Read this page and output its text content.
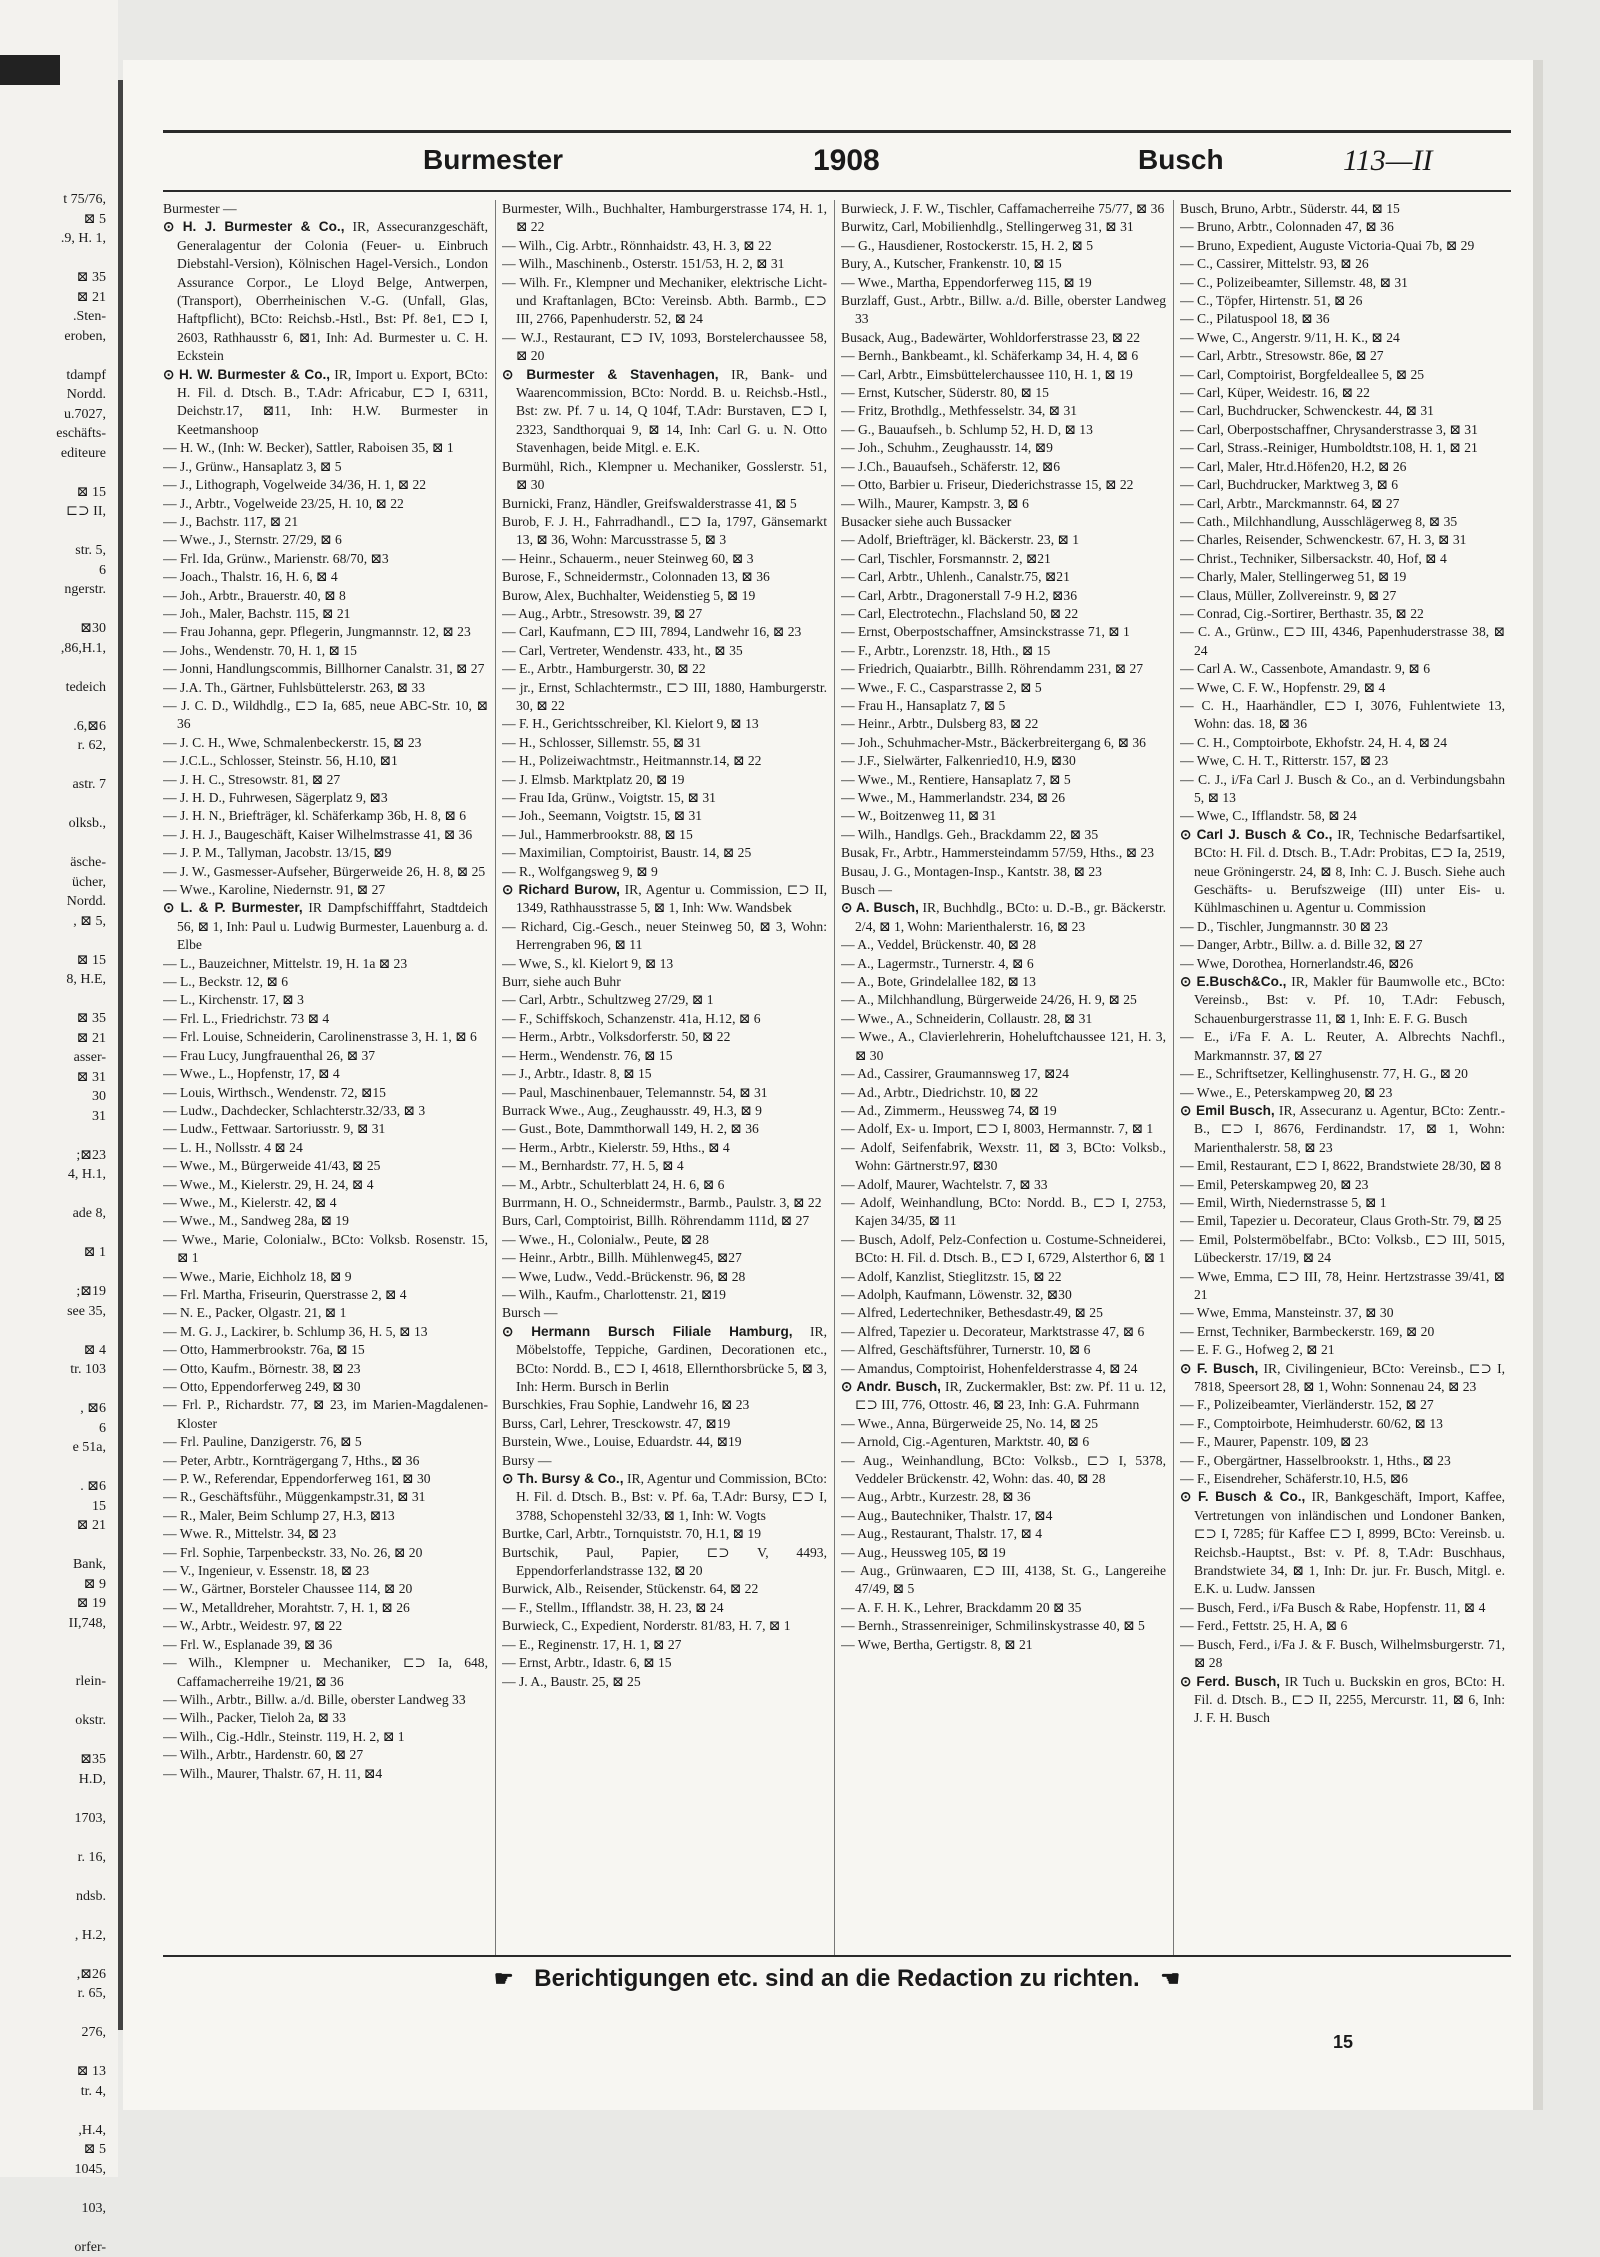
t 75/76,
⊠ 5
.9, H. 1,

⊠ 35
⊠ 21
.Sten-
eroben,

tdampf
Nordd.
u.7027,
eschäfts-
editeure

⊠ 15
⊏⊃ II,

str. 5,
6
ngerstr.

⊠30
,86,H.1,

tedeich

.6,⊠6
r. 62,

astr. 7

olksb.,

äsche-
ücher,
Nordd.
, ⊠ 5,

⊠ 15
8, H.E,

⊠ 35
⊠ 21
asser-
⊠ 31
30
31

;⊠23
4, H.1,

ade 8,

⊠ 1

;⊠19
see 35,

⊠ 4
tr. 103

, ⊠6
6
e 51a,

. ⊠6
15
⊠ 21

Bank,
⊠ 9
⊠ 19
II,748,

rlein-

okstr.

⊠35
H.D,

1703,

r. 16,

ndsb.

, H.2,

,⊠26
r. 65,

276,

⊠ 13
tr. 4,

,H.4,
⊠ 5
1045,

103,

orfer-
Burmester	1908	Busch	113—II

Burmester —

⊙ H. J. Burmester & Co., IR, Assecuranzgeschäft, Generalagentur der Colonia (Feuer- u. Einbruch Diebstahl-Version), Kölnischen Hagel-Versich., London Assurance Corpor., Le Lloyd Belge, Antwerpen, (Transport), Oberrheinischen V.-G. (Unfall, Glas, Haftpflicht), BCto: Reichsb.-Hstl., Bst: Pf. 8e1, ⊏⊃ I, 2603, Rathhausstr 6, ⊠1, Inh: Ad. Burmester u. C. H. Eckstein

⊙ H. W. Burmester & Co., IR, Import u. Export, BCto: H. Fil. d. Dtsch. B., T.Adr: Africabur, ⊏⊃ I, 6311, Deichstr.17, ⊠11, Inh: H.W. Burmester in Keetmanshoop

— H. W., (Inh: W. Becker), Sattler, Raboisen 35, ⊠ 1

— J., Grünw., Hansaplatz 3, ⊠ 5

— J., Lithograph, Vogelweide 34/36, H. 1, ⊠ 22

— J., Arbtr., Vogelweide 23/25, H. 10, ⊠ 22

— J., Bachstr. 117, ⊠ 21

— Wwe., J., Sternstr. 27/29, ⊠ 6

— Frl. Ida, Grünw., Marienstr. 68/70, ⊠3

— Joach., Thalstr. 16, H. 6, ⊠ 4

— Joh., Arbtr., Brauerstr. 40, ⊠ 8

— Joh., Maler, Bachstr. 115, ⊠ 21

— Frau Johanna, gepr. Pflegerin, Jungmannstr. 12, ⊠ 23

— Johs., Wendenstr. 70, H. 1, ⊠ 15

— Jonni, Handlungscommis, Billhorner Canalstr. 31, ⊠ 27

— J.A. Th., Gärtner, Fuhlsbüttelerstr. 263, ⊠ 33

— J. C. D., Wildhdlg., ⊏⊃ Ia, 685, neue ABC-Str. 10, ⊠ 36

— J. C. H., Wwe, Schmalenbeckerstr. 15, ⊠ 23

— J.C.L., Schlosser, Steinstr. 56, H.10, ⊠1

— J. H. C., Stresowstr. 81, ⊠ 27

— J. H. D., Fuhrwesen, Sägerplatz 9, ⊠3

— J. H. N., Briefträger, kl. Schäferkamp 36b, H. 8, ⊠ 6

— J. H. J., Baugeschäft, Kaiser Wilhelmstrasse 41, ⊠ 36

— J. P. M., Tallyman, Jacobstr. 13/15, ⊠9

— J. W., Gasmesser-Aufseher, Bürgerweide 26, H. 8, ⊠ 25

— Wwe., Karoline, Niedernstr. 91, ⊠ 27

⊙ L. & P. Burmester, IR Dampfschifffahrt, Stadtdeich 56, ⊠ 1, Inh: Paul u. Ludwig Burmester, Lauenburg a. d. Elbe

— L., Bauzeichner, Mittelstr. 19, H. 1a ⊠ 23

— L., Beckstr. 12, ⊠ 6

— L., Kirchenstr. 17, ⊠ 3

— Frl. L., Friedrichstr. 73 ⊠ 4

— Frl. Louise, Schneiderin, Carolinenstrasse 3, H. 1, ⊠ 6

— Frau Lucy, Jungfrauenthal 26, ⊠ 37

— Wwe., L., Hopfenstr, 17, ⊠ 4

— Louis, Wirthsch., Wendenstr. 72, ⊠15

— Ludw., Dachdecker, Schlachterstr.32/33, ⊠ 3

— Ludw., Fettwaar. Sartoriusstr. 9, ⊠ 31

— L. H., Nollsstr. 4 ⊠ 24

— Wwe., M., Bürgerweide 41/43, ⊠ 25

— Wwe., M., Kielerstr. 29, H. 24, ⊠ 4

— Wwe., M., Kielerstr. 42, ⊠ 4

— Wwe., M., Sandweg 28a, ⊠ 19

— Wwe., Marie, Colonialw., BCto: Volksb. Rosenstr. 15, ⊠ 1

— Wwe., Marie, Eichholz 18, ⊠ 9

— Frl. Martha, Friseurin, Querstrasse 2, ⊠ 4

— N. E., Packer, Olgastr. 21, ⊠ 1

— M. G. J., Lackirer, b. Schlump 36, H. 5, ⊠ 13

— Otto, Hammerbrookstr. 76a, ⊠ 15

— Otto, Kaufm., Börnestr. 38, ⊠ 23

— Otto, Eppendorferweg 249, ⊠ 30

— Frl. P., Richardstr. 77, ⊠ 23, im Marien-Magdalenen-Kloster

— Frl. Pauline, Danzigerstr. 76, ⊠ 5

— Peter, Arbtr., Kornträgergang 7, Hths., ⊠ 36

— P. W., Referendar, Eppendorferweg 161, ⊠ 30

— R., Geschäftsführ., Müggenkampstr.31, ⊠ 31

— R., Maler, Beim Schlump 27, H.3, ⊠13

— Wwe. R., Mittelstr. 34, ⊠ 23

— Frl. Sophie, Tarpenbeckstr. 33, No. 26, ⊠ 20

— V., Ingenieur, v. Essenstr. 18, ⊠ 23

— W., Gärtner, Borsteler Chaussee 114, ⊠ 20

— W., Metalldreher, Morahtstr. 7, H. 1, ⊠ 26

— W., Arbtr., Weidestr. 97, ⊠ 22

— Frl. W., Esplanade 39, ⊠ 36

— Wilh., Klempner u. Mechaniker, ⊏⊃ Ia, 648, Caffamacherreihe 19/21, ⊠ 36

— Wilh., Arbtr., Billw. a./d. Bille, oberster Landweg 33

— Wilh., Packer, Tieloh 2a, ⊠ 33

— Wilh., Cig.-Hdlr., Steinstr. 119, H. 2, ⊠ 1

— Wilh., Arbtr., Hardenstr. 60, ⊠ 27

— Wilh., Maurer, Thalstr. 67, H. 11, ⊠4

Burmester, Wilh., Buchhalter, Hamburgerstrasse 174, H. 1, ⊠ 22

— Wilh., Cig. Arbtr., Rönnhaidstr. 43, H. 3, ⊠ 22

— Wilh., Maschinenb., Osterstr. 151/53, H. 2, ⊠ 31

— Wilh. Fr., Klempner und Mechaniker, elektrische Licht- und Kraftanlagen, BCto: Vereinsb. Abth. Barmb., ⊏⊃ III, 2766, Papenhuderstr. 52, ⊠ 24

— W.J., Restaurant, ⊏⊃ IV, 1093, Borstelerchaussee 58, ⊠ 20

⊙ Burmester & Stavenhagen, IR, Bank- und Waarencommission, BCto: Nordd. B. u. Reichsb.-Hstl., Bst: zw. Pf. 7 u. 14, Q 104f, T.Adr: Burstaven, ⊏⊃ I, 2323, Sandthorquai 9, ⊠ 14, Inh: Carl G. u. N. Otto Stavenhagen, beide Mitgl. e. E.K.

Burmühl, Rich., Klempner u. Mechaniker, Gosslerstr. 51, ⊠ 30

Burnicki, Franz, Händler, Greifswalderstrasse 41, ⊠ 5

Burob, F. J. H., Fahrradhandl., ⊏⊃ Ia, 1797, Gänsemarkt 13, ⊠ 36, Wohn: Marcusstrasse 5, ⊠ 3

— Heinr., Schauerm., neuer Steinweg 60, ⊠ 3

Burose, F., Schneidermstr., Colonnaden 13, ⊠ 36

Burow, Alex, Buchhalter, Weidenstieg 5, ⊠ 19

— Aug., Arbtr., Stresowstr. 39, ⊠ 27

— Carl, Kaufmann, ⊏⊃ III, 7894, Landwehr 16, ⊠ 23

— Carl, Vertreter, Wendenstr. 433, ht., ⊠ 35

— E., Arbtr., Hamburgerstr. 30, ⊠ 22

— jr., Ernst, Schlachtermstr., ⊏⊃ III, 1880, Hamburgerstr. 30, ⊠ 22

— F. H., Gerichtsschreiber, Kl. Kielort 9, ⊠ 13

— H., Schlosser, Sillemstr. 55, ⊠ 31

— H., Polizeiwachtmstr., Heitmannstr.14, ⊠ 22

— J. Elmsb. Marktplatz 20, ⊠ 19

— Frau Ida, Grünw., Voigtstr. 15, ⊠ 31

— Joh., Seemann, Voigtstr. 15, ⊠ 31

— Jul., Hammerbrookstr. 88, ⊠ 15

— Maximilian, Comptoirist, Baustr. 14, ⊠ 25

— R., Wolfgangsweg 9, ⊠ 9

⊙ Richard Burow, IR, Agentur u. Commission, ⊏⊃ II, 1349, Rathhausstrasse 5, ⊠ 1, Inh: Ww. Wandsbek

— Richard, Cig.-Gesch., neuer Steinweg 50, ⊠ 3, Wohn: Herrengraben 96, ⊠ 11

— Wwe, S., kl. Kielort 9, ⊠ 13

Burr, siehe auch Buhr

— Carl, Arbtr., Schultzweg 27/29, ⊠ 1

— F., Schiffskoch, Schanzenstr. 41a, H.12, ⊠ 6

— Herm., Arbtr., Volksdorferstr. 50, ⊠ 22

— Herm., Wendenstr. 76, ⊠ 15

— J., Arbtr., Idastr. 8, ⊠ 15

— Paul, Maschinenbauer, Telemannstr. 54, ⊠ 31

Burrack Wwe., Aug., Zeughausstr. 49, H.3, ⊠ 9

— Gust., Bote, Dammthorwall 149, H. 2, ⊠ 36

— Herm., Arbtr., Kielerstr. 59, Hths., ⊠ 4

— M., Bernhardstr. 77, H. 5, ⊠ 4

— M., Arbtr., Schulterblatt 24, H. 6, ⊠ 6

Burrmann, H. O., Schneidermstr., Barmb., Paulstr. 3, ⊠ 22

Burs, Carl, Comptoirist, Billh. Röhrendamm 111d, ⊠ 27

— Wwe., H., Colonialw., Peute, ⊠ 28

— Heinr., Arbtr., Billh. Mühlenweg45, ⊠27

— Wwe, Ludw., Vedd.-Brückenstr. 96, ⊠ 28

— Wilh., Kaufm., Charlottenstr. 21, ⊠19

Bursch —

⊙ Hermann Bursch Filiale Hamburg, IR, Möbelstoffe, Teppiche, Gardinen, Decorationen etc., BCto: Nordd. B., ⊏⊃ I, 4618, Ellernthorsbrücke 5, ⊠ 3, Inh: Herm. Bursch in Berlin

Burschkies, Frau Sophie, Landwehr 16, ⊠ 23

Burss, Carl, Lehrer, Tresckowstr. 47, ⊠19

Burstein, Wwe., Louise, Eduardstr. 44, ⊠19

Bursy —

⊙ Th. Bursy & Co., IR, Agentur und Commission, BCto: H. Fil. d. Dtsch. B., Bst: v. Pf. 6a, T.Adr: Bursy, ⊏⊃ I, 3788, Schopenstehl 32/33, ⊠ 1, Inh: W. Vogts

Burtke, Carl, Arbtr., Tornquiststr. 70, H.1, ⊠ 19

Burtschik, Paul, Papier, ⊏⊃ V, 4493, Eppendorferlandstrasse 132, ⊠ 20

Burwick, Alb., Reisender, Stückenstr. 64, ⊠ 22

— F., Stellm., Ifflandstr. 38, H. 23, ⊠ 24

Burwieck, C., Expedient, Norderstr. 81/83, H. 7, ⊠ 1

— E., Reginenstr. 17, H. 1, ⊠ 27

— Ernst, Arbtr., Idastr. 6, ⊠ 15

— J. A., Baustr. 25, ⊠ 25

Burwieck, J. F. W., Tischler, Caffamacherreihe 75/77, ⊠ 36

Burwitz, Carl, Mobilienhdlg., Stellingerweg 31, ⊠ 31

— G., Hausdiener, Rostockerstr. 15, H. 2, ⊠ 5

Bury, A., Kutscher, Frankenstr. 10, ⊠ 15

— Wwe., Martha, Eppendorferweg 115, ⊠ 19

Burzlaff, Gust., Arbtr., Billw. a./d. Bille, oberster Landweg 33

Busack, Aug., Badewärter, Wohldorferstrasse 23, ⊠ 22

— Bernh., Bankbeamt., kl. Schäferkamp 34, H. 4, ⊠ 6

— Carl, Arbtr., Eimsbüttelerchaussee 110, H. 1, ⊠ 19

— Ernst, Kutscher, Süderstr. 80, ⊠ 15

— Fritz, Brothdlg., Methfesselstr. 34, ⊠ 31

— G., Bauaufseh., b. Schlump 52, H. D, ⊠ 13

— Joh., Schuhm., Zeughausstr. 14, ⊠9

— J.Ch., Bauaufseh., Schäferstr. 12, ⊠6

— Otto, Barbier u. Friseur, Diederichstrasse 15, ⊠ 22

— Wilh., Maurer, Kampstr. 3, ⊠ 6

Busacker siehe auch Bussacker

— Adolf, Briefträger, kl. Bäckerstr. 23, ⊠ 1

— Carl, Tischler, Forsmannstr. 2, ⊠21

— Carl, Arbtr., Uhlenh., Canalstr.75, ⊠21

— Carl, Arbtr., Dragonerstall 7-9 H.2, ⊠36

— Carl, Electrotechn., Flachsland 50, ⊠ 22

— Ernst, Oberpostschaffner, Amsinckstrasse 71, ⊠ 1

— F., Arbtr., Lorenzstr. 18, Hth., ⊠ 15

— Friedrich, Quaiarbtr., Billh. Röhrendamm 231, ⊠ 27

— Wwe., F. C., Casparstrasse 2, ⊠ 5

— Frau H., Hansaplatz 7, ⊠ 5

— Heinr., Arbtr., Dulsberg 83, ⊠ 22

— Joh., Schuhmacher-Mstr., Bäckerbreitergang 6, ⊠ 36

— J.F., Sielwärter, Falkenried10, H.9, ⊠30

— Wwe., M., Rentiere, Hansaplatz 7, ⊠ 5

— Wwe., M., Hammerlandstr. 234, ⊠ 26

— W., Boitzenweg 11, ⊠ 31

— Wilh., Handlgs. Geh., Brackdamm 22, ⊠ 35

Busak, Fr., Arbtr., Hammersteindamm 57/59, Hths., ⊠ 23

Busau, J. G., Montagen-Insp., Kantstr. 38, ⊠ 23

Busch —

⊙ A. Busch, IR, Buchhdlg., BCto: u. D.-B., gr. Bäckerstr. 2/4, ⊠ 1, Wohn: Marienthalerstr. 16, ⊠ 23

— A., Veddel, Brückenstr. 40, ⊠ 28

— A., Lagermstr., Turnerstr. 4, ⊠ 6

— A., Bote, Grindelallee 182, ⊠ 13

— A., Milchhandlung, Bürgerweide 24/26, H. 9, ⊠ 25

— Wwe., A., Schneiderin, Collaustr. 28, ⊠ 31

— Wwe., A., Clavierlehrerin, Hoheluftchaussee 121, H. 3, ⊠ 30

— Ad., Cassirer, Graumannsweg 17, ⊠24

— Ad., Arbtr., Diedrichstr. 10, ⊠ 22

— Ad., Zimmerm., Heussweg 74, ⊠ 19

— Adolf, Ex- u. Import, ⊏⊃ I, 8003, Hermannstr. 7, ⊠ 1

— Adolf, Seifenfabrik, Wexstr. 11, ⊠ 3, BCto: Volksb., Wohn: Gärtnerstr.97, ⊠30

— Adolf, Maurer, Wachtelstr. 7, ⊠ 33

— Adolf, Weinhandlung, BCto: Nordd. B., ⊏⊃ I, 2753, Kajen 34/35, ⊠ 11

— Busch, Adolf, Pelz-Confection u. Costume-Schneiderei, BCto: H. Fil. d. Dtsch. B., ⊏⊃ I, 6729, Alsterthor 6, ⊠ 1

— Adolf, Kanzlist, Stieglitzstr. 15, ⊠ 22

— Adolph, Kaufmann, Löwenstr. 32, ⊠30

— Alfred, Ledertechniker, Bethesdastr.49, ⊠ 25

— Alfred, Tapezier u. Decorateur, Marktstrasse 47, ⊠ 6

— Alfred, Geschäftsführer, Turnerstr. 10, ⊠ 6

— Amandus, Comptoirist, Hohenfelderstrasse 4, ⊠ 24

⊙ Andr. Busch, IR, Zuckermakler, Bst: zw. Pf. 11 u. 12, ⊏⊃ III, 776, Ottostr. 46, ⊠ 23, Inh: G.A. Fuhrmann

— Wwe., Anna, Bürgerweide 25, No. 14, ⊠ 25

— Arnold, Cig.-Agenturen, Marktstr. 40, ⊠ 6

— Aug., Weinhandlung, BCto: Volksb., ⊏⊃ I, 5378, Veddeler Brückenstr. 42, Wohn: das. 40, ⊠ 28

— Aug., Arbtr., Kurzestr. 28, ⊠ 36

— Aug., Bautechniker, Thalstr. 17, ⊠4

— Aug., Restaurant, Thalstr. 17, ⊠ 4

— Aug., Heussweg 105, ⊠ 19

— Aug., Grünwaaren, ⊏⊃ III, 4138, St. G., Langereihe 47/49, ⊠ 5

— A. F. H. K., Lehrer, Brackdamm 20 ⊠ 35

— Bernh., Strassenreiniger, Schmilinskystrasse 40, ⊠ 5

— Wwe, Bertha, Gertigstr. 8, ⊠ 21

Busch, Bruno, Arbtr., Süderstr. 44, ⊠ 15

— Bruno, Arbtr., Colonnaden 47, ⊠ 36

— Bruno, Expedient, Auguste Victoria-Quai 7b, ⊠ 29

— C., Cassirer, Mittelstr. 93, ⊠ 26

— C., Polizeibeamter, Sillemstr. 48, ⊠ 31

— C., Töpfer, Hirtenstr. 51, ⊠ 26

— C., Pilatuspool 18, ⊠ 36

— Wwe, C., Angerstr. 9/11, H. K., ⊠ 24

— Carl, Arbtr., Stresowstr. 86e, ⊠ 27

— Carl, Comptoirist, Borgfeldeallee 5, ⊠ 25

— Carl, Küper, Weidestr. 16, ⊠ 22

— Carl, Buchdrucker, Schwenckestr. 44, ⊠ 31

— Carl, Oberpostschaffner, Chrysanderstrasse 3, ⊠ 31

— Carl, Strass.-Reiniger, Humboldtstr.108, H. 1, ⊠ 21

— Carl, Maler, Htr.d.Höfen20, H.2, ⊠ 26

— Carl, Buchdrucker, Marktweg 3, ⊠ 6

— Carl, Arbtr., Marckmannstr. 64, ⊠ 27

— Cath., Milchhandlung, Ausschlägerweg 8, ⊠ 35

— Charles, Reisender, Schwenckestr. 67, H. 3, ⊠ 31

— Christ., Techniker, Silbersackstr. 40, Hof, ⊠ 4

— Charly, Maler, Stellingerweg 51, ⊠ 19

— Claus, Müller, Zollvereinstr. 9, ⊠ 27

— Conrad, Cig.-Sortirer, Berthastr. 35, ⊠ 22

— C. A., Grünw., ⊏⊃ III, 4346, Papenhuderstrasse 38, ⊠ 24

— Carl A. W., Cassenbote, Amandastr. 9, ⊠ 6

— Wwe, C. F. W., Hopfenstr. 29, ⊠ 4

— C. H., Haarhändler, ⊏⊃ I, 3076, Fuhlentwiete 13, Wohn: das. 18, ⊠ 36

— C. H., Comptoirbote, Ekhofstr. 24, H. 4, ⊠ 24

— Wwe, C. H. T., Ritterstr. 157, ⊠ 23

— C. J., i/Fa Carl J. Busch & Co., an d. Verbindungsbahn 5, ⊠ 13

— Wwe, C., Ifflandstr. 58, ⊠ 24

⊙ Carl J. Busch & Co., IR, Technische Bedarfsartikel, BCto: H. Fil. d. Dtsch. B., T.Adr: Probitas, ⊏⊃ Ia, 2519, neue Gröningerstr. 24, ⊠ 8, Inh: C. J. Busch. Siehe auch Geschäfts- u. Berufszweige (III) unter Eis- u. Kühlmaschinen u. Agentur u. Commission

— D., Tischler, Jungmannstr. 30 ⊠ 23

— Danger, Arbtr., Billw. a. d. Bille 32, ⊠ 27

— Wwe, Dorothea, Hornerlandstr.46, ⊠26

⊙ E.Busch&Co., IR, Makler für Baumwolle etc., BCto: Vereinsb., Bst: v. Pf. 10, T.Adr: Febusch, Schauenburgerstrasse 11, ⊠ 1, Inh: E. F. G. Busch

— E., i/Fa F. A. L. Reuter, A. Albrechts Nachfl., Markmannstr. 37, ⊠ 27

— E., Schriftsetzer, Kellinghusenstr. 77, H. G., ⊠ 20

— Wwe., E., Peterskampweg 20, ⊠ 23

⊙ Emil Busch, IR, Assecuranz u. Agentur, BCto: Zentr.-B., ⊏⊃ I, 8676, Ferdinandstr. 17, ⊠ 1, Wohn: Marienthalerstr. 58, ⊠ 23

— Emil, Restaurant, ⊏⊃ I, 8622, Brandstwiete 28/30, ⊠ 8

— Emil, Peterskampweg 20, ⊠ 23

— Emil, Wirth, Niedernstrasse 5, ⊠ 1

— Emil, Tapezier u. Decorateur, Claus Groth-Str. 79, ⊠ 25

— Emil, Polstermöbelfabr., BCto: Volksb., ⊏⊃ III, 5015, Lübeckerstr. 17/19, ⊠ 24

— Wwe, Emma, ⊏⊃ III, 78, Heinr. Hertzstrasse 39/41, ⊠ 21

— Wwe, Emma, Mansteinstr. 37, ⊠ 30

— Ernst, Techniker, Barmbeckerstr. 169, ⊠ 20

— E. F. G., Hofweg 2, ⊠ 21

⊙ F. Busch, IR, Civilingenieur, BCto: Vereinsb., ⊏⊃ I, 7818, Speersort 28, ⊠ 1, Wohn: Sonnenau 24, ⊠ 23

— F., Polizeibeamter, Vierländerstr. 152, ⊠ 27

— F., Comptoirbote, Heimhuderstr. 60/62, ⊠ 13

— F., Maurer, Papenstr. 109, ⊠ 23

— F., Obergärtner, Hasselbrookstr. 1, Hths., ⊠ 23

— F., Eisendreher, Schäferstr.10, H.5, ⊠6

⊙ F. Busch & Co., IR, Bankgeschäft, Import, Kaffee, Vertretungen von inländischen und Londoner Banken, ⊏⊃ I, 7285; für Kaffee ⊏⊃ I, 8999, BCto: Vereinsb. u. Reichsb.-Hauptst., Bst: v. Pf. 8, T.Adr: Buschhaus, Brandstwiete 34, ⊠ 1, Inh: Dr. jur. Fr. Busch, Mitgl. e. E.K. u. Ludw. Janssen

— Busch, Ferd., i/Fa Busch & Rabe, Hopfenstr. 11, ⊠ 4

— Ferd., Fettstr. 25, H. A, ⊠ 6

— Busch, Ferd., i/Fa J. & F. Busch, Wilhelmsburgerstr. 71, ⊠ 28

⊙ Ferd. Busch, IR Tuch u. Buckskin en gros, BCto: H. Fil. d. Dtsch. B., ⊏⊃ II, 2255, Mercurstr. 11, ⊠ 6, Inh: J. F. H. Busch

☛ Berichtigungen etc. sind an die Redaction zu richten. ☚
15
